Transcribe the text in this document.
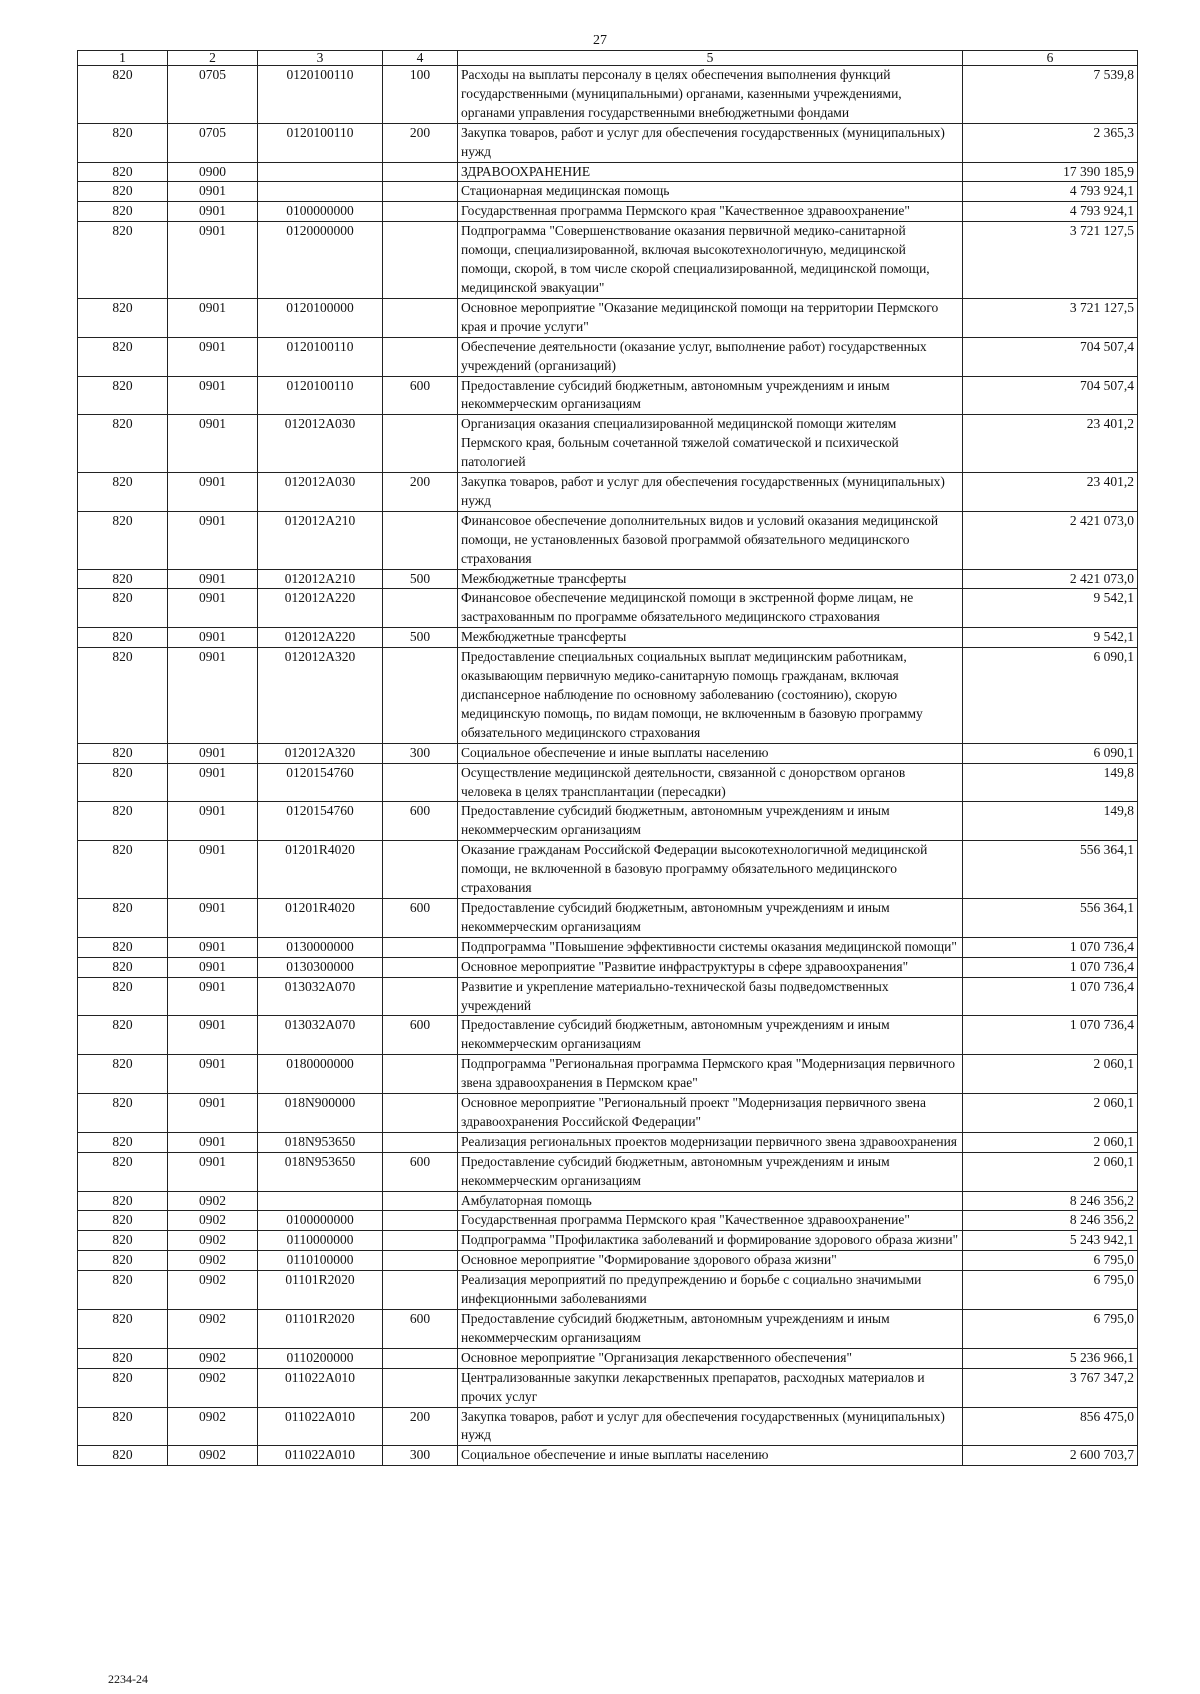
27
1	2	3	4	5	6
820	0705	0120100110	100	Расходы на выплаты персоналу в целях обеспечения выполнения функций государственными (муниципальными) органами, казенными учреждениями, органами управления государственными внебюджетными фондами	7 539,8
820	0705	0120100110	200	Закупка товаров, работ и услуг для обеспечения государственных (муниципальных) нужд	2 365,3
820	0900			ЗДРАВООХРАНЕНИЕ	17 390 185,9
820	0901			Стационарная медицинская помощь	4 793 924,1
820	0901	0100000000		Государственная программа Пермского края "Качественное здравоохранение"	4 793 924,1
820	0901	0120000000		Подпрограмма "Совершенствование оказания первичной медико-санитарной помощи, специализированной, включая высокотехнологичную, медицинской помощи, скорой, в том числе скорой специализированной, медицинской помощи, медицинской эвакуации"	3 721 127,5
820	0901	0120100000		Основное мероприятие "Оказание медицинской помощи на территории Пермского края и прочие услуги"	3 721 127,5
820	0901	0120100110		Обеспечение деятельности (оказание услуг, выполнение работ) государственных учреждений (организаций)	704 507,4
820	0901	0120100110	600	Предоставление субсидий бюджетным, автономным учреждениям и иным некоммерческим организациям	704 507,4
820	0901	012012А030		Организация оказания специализированной медицинской помощи жителям Пермского края, больным сочетанной тяжелой соматической и психической патологией	23 401,2
820	0901	012012А030	200	Закупка товаров, работ и услуг для обеспечения государственных (муниципальных) нужд	23 401,2
820	0901	012012А210		Финансовое обеспечение дополнительных видов и условий оказания медицинской помощи, не установленных базовой программой обязательного медицинского страхования	2 421 073,0
820	0901	012012А210	500	Межбюджетные трансферты	2 421 073,0
820	0901	012012А220		Финансовое обеспечение медицинской помощи в экстренной форме лицам, не застрахованным по программе обязательного медицинского страхования	9 542,1
820	0901	012012А220	500	Межбюджетные трансферты	9 542,1
820	0901	012012А320		Предоставление специальных социальных выплат медицинским работникам, оказывающим первичную медико-санитарную помощь гражданам, включая диспансерное наблюдение по основному заболеванию (состоянию), скорую медицинскую помощь, по видам помощи, не включенным в базовую программу обязательного медицинского страхования	6 090,1
820	0901	012012А320	300	Социальное обеспечение и иные выплаты населению	6 090,1
820	0901	0120154760		Осуществление медицинской деятельности, связанной с донорством органов человека в целях трансплантации (пересадки)	149,8
820	0901	0120154760	600	Предоставление субсидий бюджетным, автономным учреждениям и иным некоммерческим организациям	149,8
820	0901	01201R4020		Оказание гражданам Российской Федерации высокотехнологичной медицинской помощи, не включенной в базовую программу обязательного медицинского страхования	556 364,1
820	0901	01201R4020	600	Предоставление субсидий бюджетным, автономным учреждениям и иным некоммерческим организациям	556 364,1
820	0901	0130000000		Подпрограмма "Повышение эффективности системы оказания медицинской помощи"	1 070 736,4
820	0901	0130300000		Основное мероприятие "Развитие инфраструктуры в сфере здравоохранения"	1 070 736,4
820	0901	013032А070		Развитие и укрепление материально-технической базы подведомственных учреждений	1 070 736,4
820	0901	013032А070	600	Предоставление субсидий бюджетным, автономным учреждениям и иным некоммерческим организациям	1 070 736,4
820	0901	0180000000		Подпрограмма "Региональная программа Пермского края "Модернизация первичного звена здравоохранения в Пермском крае"	2 060,1
820	0901	018N900000		Основное мероприятие "Региональный проект "Модернизация первичного звена здравоохранения Российской Федерации"	2 060,1
820	0901	018N953650		Реализация региональных проектов модернизации первичного звена здравоохранения	2 060,1
820	0901	018N953650	600	Предоставление субсидий бюджетным, автономным учреждениям и иным некоммерческим организациям	2 060,1
820	0902			Амбулаторная помощь	8 246 356,2
820	0902	0100000000		Государственная программа Пермского края "Качественное здравоохранение"	8 246 356,2
820	0902	0110000000		Подпрограмма "Профилактика заболеваний и формирование здорового образа жизни"	5 243 942,1
820	0902	0110100000		Основное мероприятие "Формирование здорового образа жизни"	6 795,0
820	0902	01101R2020		Реализация мероприятий по предупреждению и борьбе с социально значимыми инфекционными заболеваниями	6 795,0
820	0902	01101R2020	600	Предоставление субсидий бюджетным, автономным учреждениям и иным некоммерческим организациям	6 795,0
820	0902	0110200000		Основное мероприятие "Организация лекарственного обеспечения"	5 236 966,1
820	0902	011022А010		Централизованные закупки лекарственных препаратов, расходных материалов и прочих услуг	3 767 347,2
820	0902	011022А010	200	Закупка товаров, работ и услуг для обеспечения государственных (муниципальных) нужд	856 475,0
820	0902	011022А010	300	Социальное обеспечение и иные выплаты населению	2 600 703,7
2234-24
